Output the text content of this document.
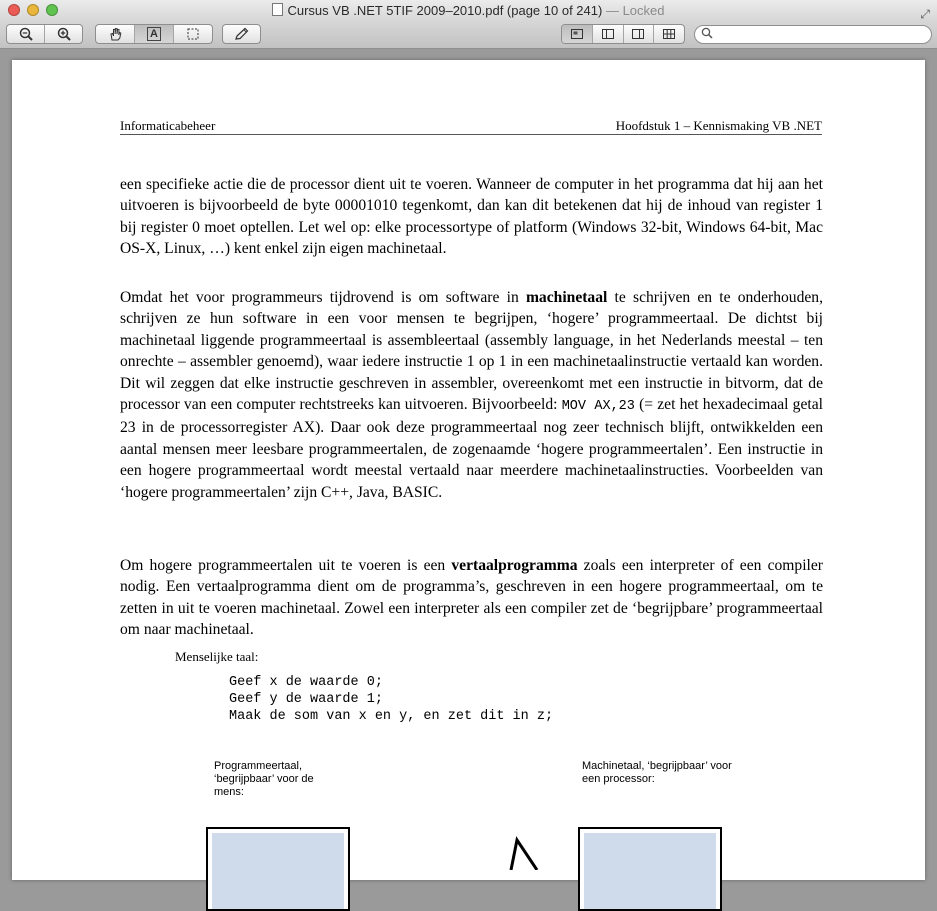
Cursus VB .NET 5TIF 2009–2010.pdf (page 10 of 241) — Locked	⤢
A
Informaticabeheer	Hoofdstuk 1 – Kennismaking VB .NET

een specifieke actie die de processor dient uit te voeren. Wanneer de computer in het programma dat hij aan het uitvoeren is bijvoorbeeld de byte 00001010 tegenkomt, dan kan dit betekenen dat hij de inhoud van register 1 bij register 0 moet optellen. Let wel op: elke processortype of platform (Windows 32-bit, Windows 64-bit, Mac OS-X, Linux, …) kent enkel zijn eigen machinetaal.

Omdat het voor programmeurs tijdrovend is om software in machinetaal te schrijven en te onderhouden, schrijven ze hun software in een voor mensen te begrijpen, ‘hogere’ programmeertaal. De dichtst bij machinetaal liggende programmeertaal is assembleertaal (assembly language, in het Nederlands meestal – ten onrechte – assembler genoemd), waar iedere instructie 1 op 1 in een machinetaalinstructie vertaald kan worden. Dit wil zeggen dat elke instructie geschreven in assembler, overeenkomt met een instructie in bitvorm, dat de processor van een computer rechtstreeks kan uitvoeren. Bijvoorbeeld: MOV AX,23 (= zet het hexadecimaal getal 23 in de processorregister AX). Daar ook deze programmeertaal nog zeer technisch blijft, ontwikkelden een aantal mensen meer leesbare programmeertalen, de zogenaamde ‘hogere programmeertalen’. Een instructie in een hogere programmeertaal wordt meestal vertaald naar meerdere machinetaalinstructies. Voorbeelden van ‘hogere programmeertalen’ zijn C++, Java, BASIC.

Om hogere programmeertalen uit te voeren is een vertaalprogramma zoals een interpreter of een compiler nodig. Een vertaalprogramma dient om de programma’s, geschreven in een hogere programmeertaal, om te zetten in uit te voeren machinetaal. Zowel een interpreter als een compiler zet de ‘begrijpbare’ programmeertaal om naar machinetaal.

Menselijke taal:
Geef x de waarde 0;
Geef y de waarde 1;
Maak de som van x en y, en zet dit in z;
Programmeertaal, ‘begrijpbaar’ voor de mens:
Machinetaal, ‘begrijpbaar’ voor een processor:
